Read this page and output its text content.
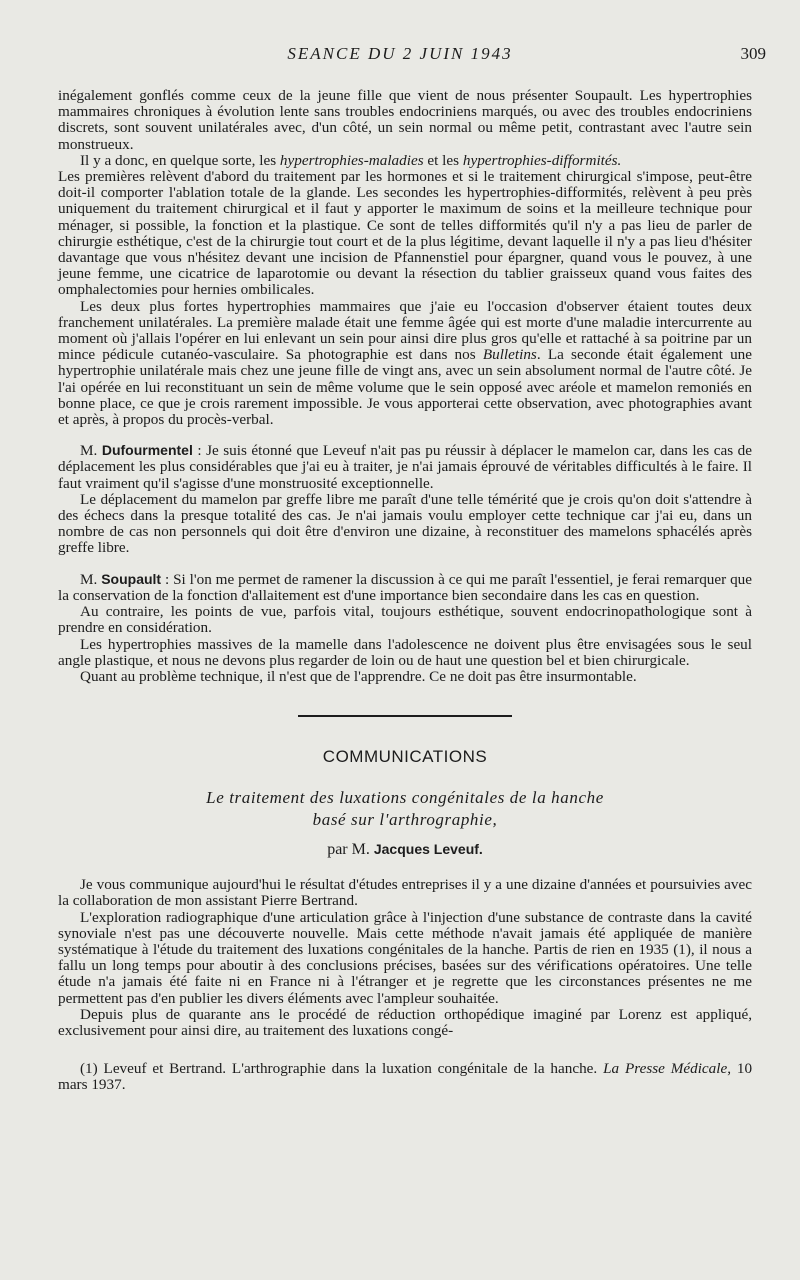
SEANCE DU 2 JUIN 1943	309

inégalement gonflés comme ceux de la jeune fille que vient de nous présenter Soupault. Les hypertrophies mammaires chroniques à évolution lente sans troubles endocriniens marqués, ou avec des troubles endocriniens discrets, sont souvent unilatérales avec, d'un côté, un sein normal ou même petit, contrastant avec l'autre sein monstrueux.

Il y a donc, en quelque sorte, les hypertrophies-maladies et les hypertrophies-difformités.

Les premières relèvent d'abord du traitement par les hormones et si le traitement chirurgical s'impose, peut-être doit-il comporter l'ablation totale de la glande. Les secondes les hypertrophies-difformités, relèvent à peu près uniquement du traitement chirurgical et il faut y apporter le maximum de soins et la meilleure technique pour ménager, si possible, la fonction et la plastique. Ce sont de telles difformités qu'il n'y a pas lieu de parler de chirurgie esthétique, c'est de la chirurgie tout court et de la plus légitime, devant laquelle il n'y a pas lieu d'hésiter davantage que vous n'hésitez devant une incision de Pfannenstiel pour épargner, quand vous le pouvez, à une jeune femme, une cicatrice de laparotomie ou devant la résection du tablier graisseux quand vous faites des omphalectomies pour hernies ombilicales.

Les deux plus fortes hypertrophies mammaires que j'aie eu l'occasion d'observer étaient toutes deux franchement unilatérales. La première malade était une femme âgée qui est morte d'une maladie intercurrente au moment où j'allais l'opérer en lui enlevant un sein pour ainsi dire plus gros qu'elle et rattaché à sa poitrine par un mince pédicule cutanéo-vasculaire. Sa photographie est dans nos Bulletins. La seconde était également une hypertrophie unilatérale mais chez une jeune fille de vingt ans, avec un sein absolument normal de l'autre côté. Je l'ai opérée en lui reconstituant un sein de même volume que le sein opposé avec aréole et mamelon remoniés en bonne place, ce que je crois rarement impossible. Je vous apporterai cette observation, avec photographies avant et après, à propos du procès-verbal.

M. Dufourmentel : Je suis étonné que Leveuf n'ait pas pu réussir à déplacer le mamelon car, dans les cas de déplacement les plus considérables que j'ai eu à traiter, je n'ai jamais éprouvé de véritables difficultés à le faire. Il faut vraiment qu'il s'agisse d'une monstruosité exceptionnelle.

Le déplacement du mamelon par greffe libre me paraît d'une telle témérité que je crois qu'on doit s'attendre à des échecs dans la presque totalité des cas. Je n'ai jamais voulu employer cette technique car j'ai eu, dans un nombre de cas non personnels qui doit être d'environ une dizaine, à reconstituer des mamelons sphacélés après greffe libre.

M. Soupault : Si l'on me permet de ramener la discussion à ce qui me paraît l'essentiel, je ferai remarquer que la conservation de la fonction d'allaitement est d'une importance bien secondaire dans les cas en question.

Au contraire, les points de vue, parfois vital, toujours esthétique, souvent endocrinopathologique sont à prendre en considération.

Les hypertrophies massives de la mamelle dans l'adolescence ne doivent plus être envisagées sous le seul angle plastique, et nous ne devons plus regarder de loin ou de haut une question bel et bien chirurgicale.

Quant au problème technique, il n'est que de l'apprendre. Ce ne doit pas être insurmontable.

COMMUNICATIONS
Le traitement des luxations congénitales de la hanche
basé sur l'arthrographie,
par M. Jacques Leveuf.

Je vous communique aujourd'hui le résultat d'études entreprises il y a une dizaine d'années et poursuivies avec la collaboration de mon assistant Pierre Bertrand.

L'exploration radiographique d'une articulation grâce à l'injection d'une substance de contraste dans la cavité synoviale n'est pas une découverte nouvelle. Mais cette méthode n'avait jamais été appliquée de manière systématique à l'étude du traitement des luxations congénitales de la hanche. Partis de rien en 1935 (1), il nous a fallu un long temps pour aboutir à des conclusions précises, basées sur des vérifications opératoires. Une telle étude n'a jamais été faite ni en France ni à l'étranger et je regrette que les circonstances présentes ne me permettent pas d'en publier les divers éléments avec l'ampleur souhaitée.

Depuis plus de quarante ans le procédé de réduction orthopédique imaginé par Lorenz est appliqué, exclusivement pour ainsi dire, au traitement des luxations congé-

(1) Leveuf et Bertrand. L'arthrographie dans la luxation congénitale de la hanche. La Presse Médicale, 10 mars 1937.
